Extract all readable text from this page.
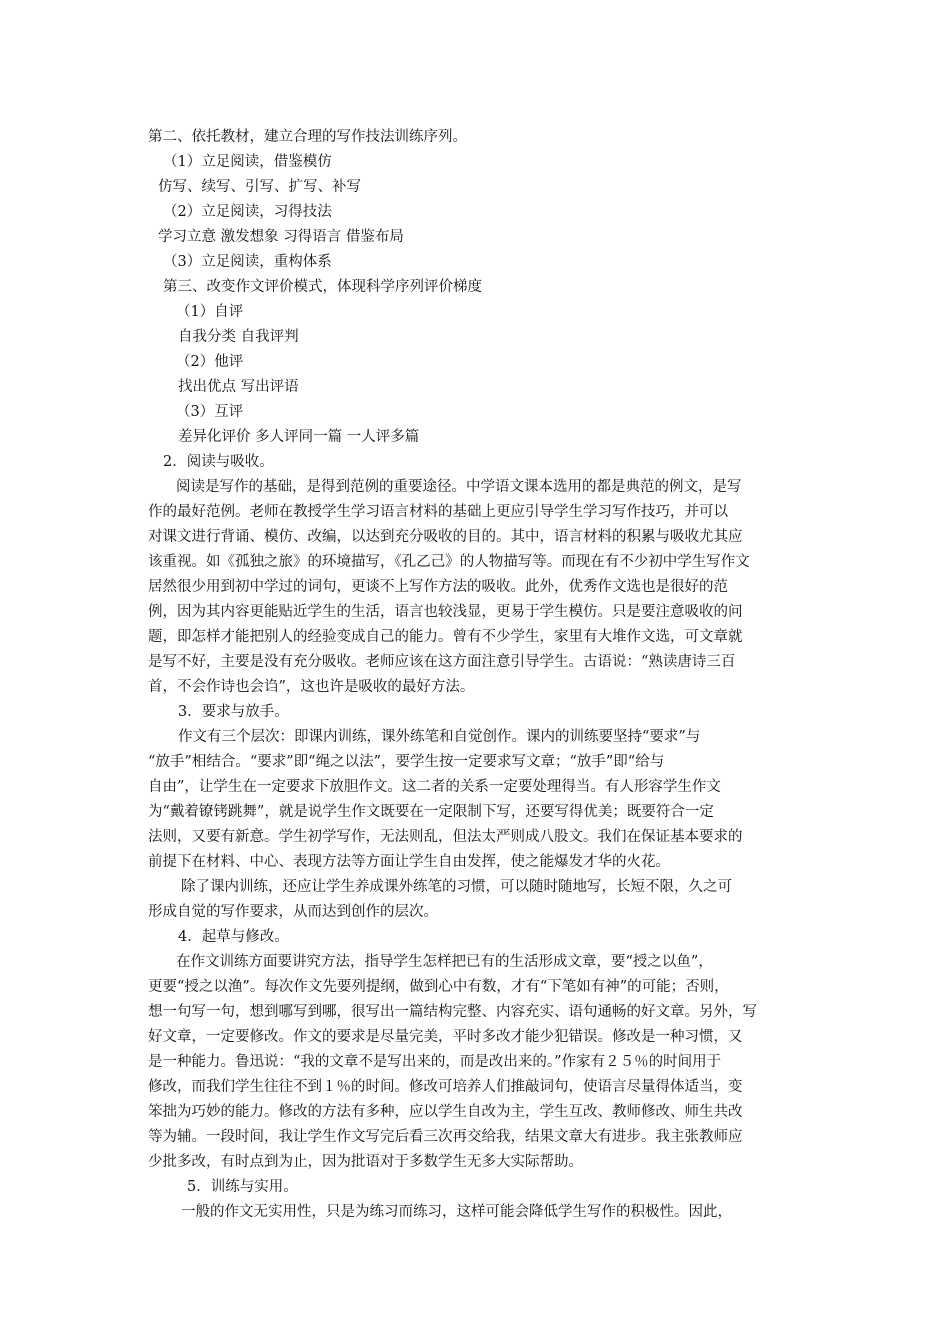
第二、依托教材，建立合理的写作技法训练序列。
（1）立足阅读，借鉴模仿
仿写、续写、引写、扩写、补写
（2）立足阅读，习得技法
学习立意 激发想象 习得语言 借鉴布局
（3）立足阅读，重构体系
第三、改变作文评价模式，体现科学序列评价梯度
（1）自评
自我分类 自我评判
（2）他评
找出优点 写出评语
（3）互评
差异化评价 多人评同一篇 一人评多篇
2．阅读与吸收。
阅读是写作的基础，是得到范例的重要途径。中学语文课本选用的都是典范的例文，是写
作的最好范例。老师在教授学生学习语言材料的基础上更应引导学生学习写作技巧，并可以
对课文进行背诵、模仿、改编，以达到充分吸收的目的。其中，语言材料的积累与吸收尤其应
该重视。如《孤独之旅》的环境描写，《孔乙己》的人物描写等。而现在有不少初中学生写作文
居然很少用到初中学过的词句，更谈不上写作方法的吸收。此外，优秀作文选也是很好的范
例，因为其内容更能贴近学生的生活，语言也较浅显，更易于学生模仿。只是要注意吸收的问
题，即怎样才能把别人的经验变成自己的能力。曾有不少学生，家里有大堆作文选，可文章就
是写不好，主要是没有充分吸收。老师应该在这方面注意引导学生。古语说：“熟读唐诗三百
首，不会作诗也会诌”，这也许是吸收的最好方法。
3．要求与放手。
作文有三个层次：即课内训练，课外练笔和自觉创作。课内的训练要坚持“要求”与
“放手”相结合。“要求”即“绳之以法”，要学生按一定要求写文章；“放手”即“给与
自由”，让学生在一定要求下放胆作文。这二者的关系一定要处理得当。有人形容学生作文
为“戴着镣铐跳舞”，就是说学生作文既要在一定限制下写，还要写得优美；既要符合一定
法则，又要有新意。学生初学写作，无法则乱，但法太严则成八股文。我们在保证基本要求的
前提下在材料、中心、表现方法等方面让学生自由发挥，使之能爆发才华的火花。
除了课内训练，还应让学生养成课外练笔的习惯，可以随时随地写，长短不限，久之可
形成自觉的写作要求，从而达到创作的层次。
4．起草与修改。
在作文训练方面要讲究方法，指导学生怎样把已有的生活形成文章，要“授之以鱼”，
更要“授之以渔”。每次作文先要列提纲，做到心中有数，才有“下笔如有神”的可能；否则，
想一句写一句，想到哪写到哪，很写出一篇结构完整、内容充实、语句通畅的好文章。另外，写
好文章，一定要修改。作文的要求是尽量完美，平时多改才能少犯错误。修改是一种习惯，又
是一种能力。鲁迅说：“我的文章不是写出来的，而是改出来的。”作家有２５％的时间用于
修改，而我们学生往往不到１％的时间。修改可培养人们推敲词句，使语言尽量得体适当，变
笨拙为巧妙的能力。修改的方法有多种，应以学生自改为主，学生互改、教师修改、师生共改
等为辅。一段时间，我让学生作文写完后看三次再交给我，结果文章大有进步。我主张教师应
少批多改，有时点到为止，因为批语对于多数学生无多大实际帮助。
5．训练与实用。
一般的作文无实用性，只是为练习而练习，这样可能会降低学生写作的积极性。因此，
